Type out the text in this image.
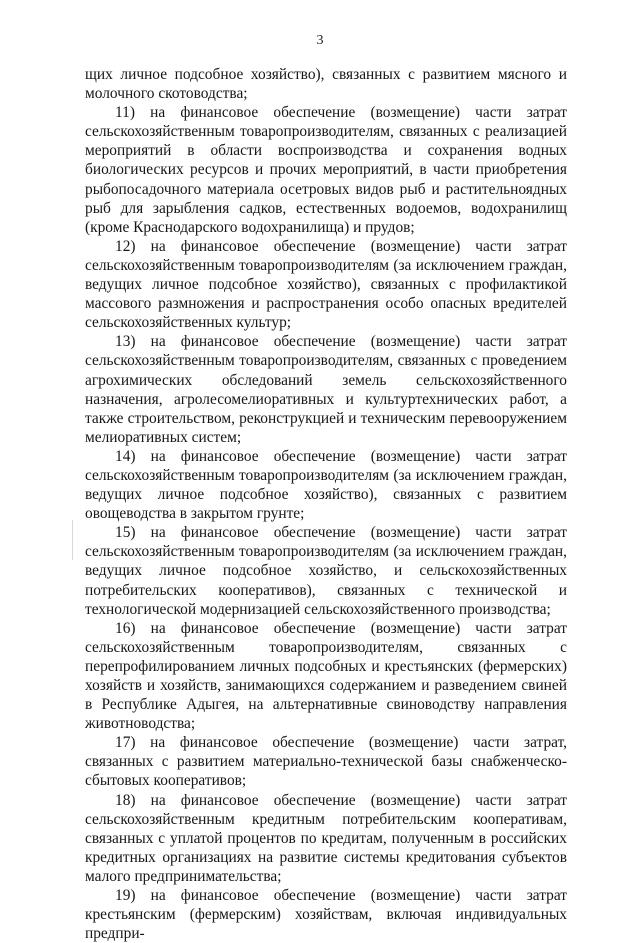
3

щих личное подсобное хозяйство), связанных с развитием мясного и молочного скотоводства;

11) на финансовое обеспечение (возмещение) части затрат сельскохозяйственным товаропроизводителям, связанных с реализацией мероприятий в области воспроизводства и сохранения водных биологических ресурсов и прочих мероприятий, в части приобретения рыбопосадочного материала осетровых видов рыб и растительноядных рыб для зарыбления садков, естественных водоемов, водохранилищ (кроме Краснодарского водохранилища) и прудов;

12) на финансовое обеспечение (возмещение) части затрат сельскохозяйственным товаропроизводителям (за исключением граждан, ведущих личное подсобное хозяйство), связанных с профилактикой массового размножения и распространения особо опасных вредителей сельскохозяйственных культур;

13) на финансовое обеспечение (возмещение) части затрат сельскохозяйственным товаропроизводителям, связанных с проведением агрохимических обследований земель сельскохозяйственного назначения, агролесомелиоративных и культуртехнических работ, а также строительством, реконструкцией и техническим перевооружением мелиоративных систем;

14) на финансовое обеспечение (возмещение) части затрат сельскохозяйственным товаропроизводителям (за исключением граждан, ведущих личное подсобное хозяйство), связанных с развитием овощеводства в закрытом грунте;

15) на финансовое обеспечение (возмещение) части затрат сельскохозяйственным товаропроизводителям (за исключением граждан, ведущих личное подсобное хозяйство, и сельскохозяйственных потребительских кооперативов), связанных с технической и технологической модернизацией сельскохозяйственного производства;

16) на финансовое обеспечение (возмещение) части затрат сельскохозяйственным товаропроизводителям, связанных с перепрофилированием личных подсобных и крестьянских (фермерских) хозяйств и хозяйств, занимающихся содержанием и разведением свиней в Республике Адыгея, на альтернативные свиноводству направления животноводства;

17) на финансовое обеспечение (возмещение) части затрат, связанных с развитием материально-технической базы снабженческо-сбытовых кооперативов;

18) на финансовое обеспечение (возмещение) части затрат сельскохозяйственным кредитным потребительским кооперативам, связанных с уплатой процентов по кредитам, полученным в российских кредитных организациях на развитие системы кредитования субъектов малого предпринимательства;

19) на финансовое обеспечение (возмещение) части затрат крестьянским (фермерским) хозяйствам, включая индивидуальных предпри-
